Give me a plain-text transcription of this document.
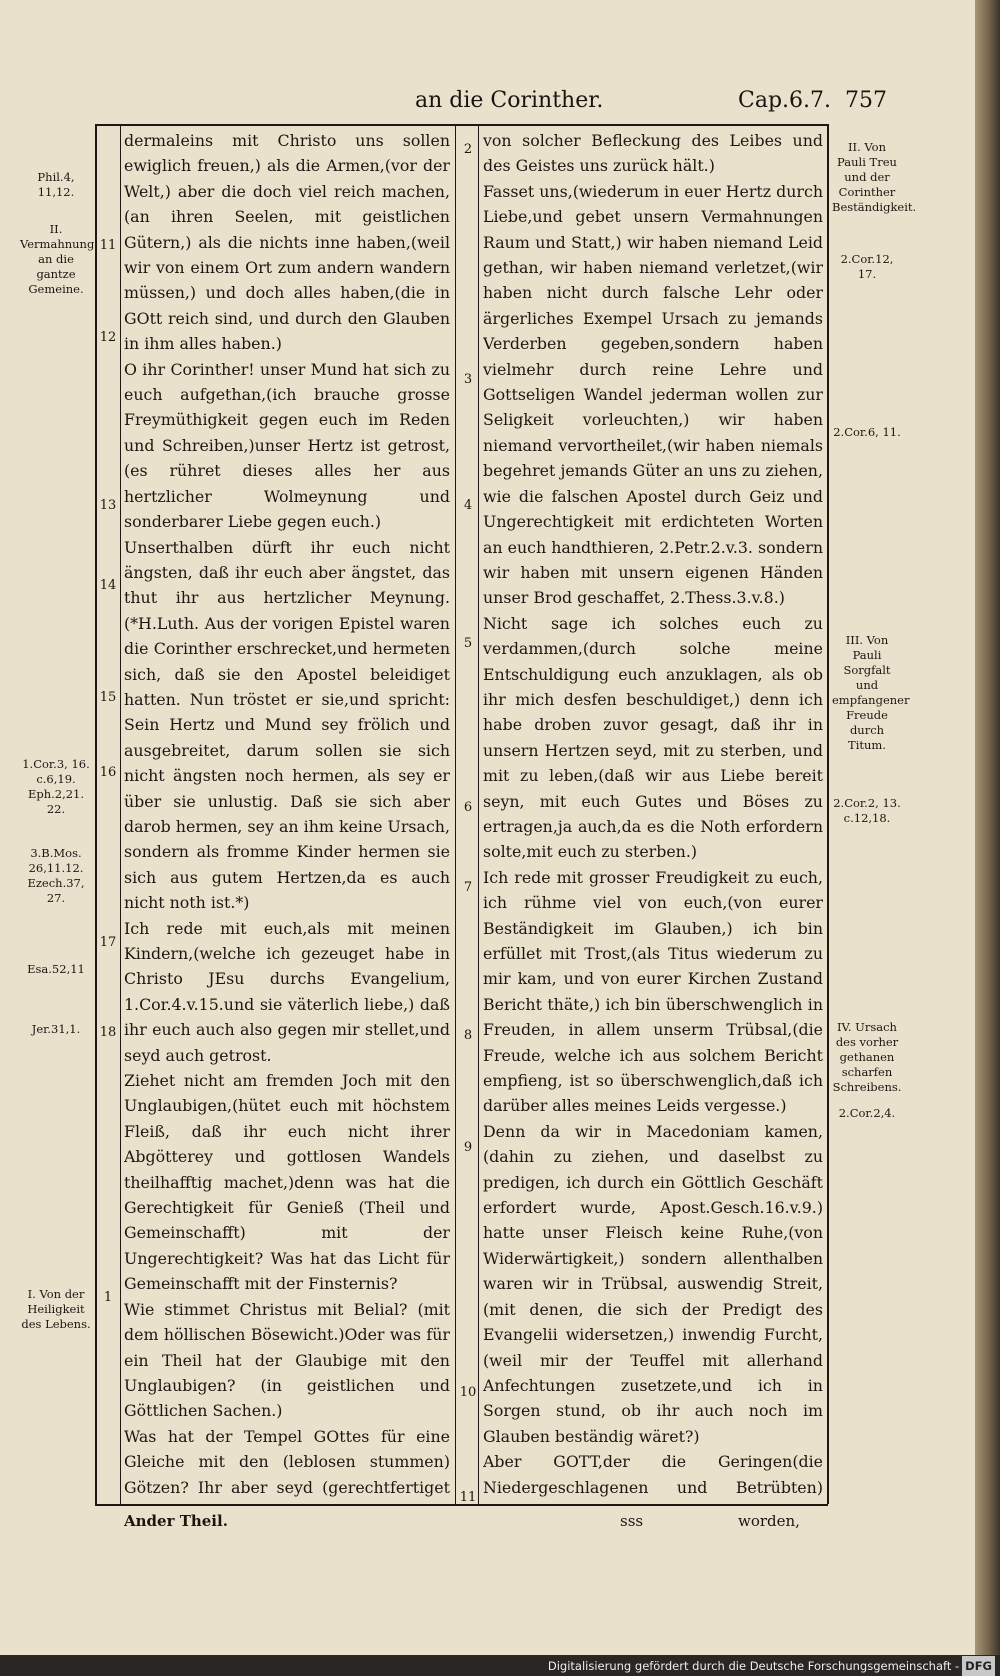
an die Corinther.	Cap.6.7. 757

dermaleins mit Christo uns sollen ewiglich freuen,) als die Armen,(vor der Welt,) aber die doch viel reich machen,(an ihren Seelen, mit geistlichen Gütern,) als die nichts inne haben,(weil wir von einem Ort zum andern wandern müssen,) und doch alles haben,(die in GOtt reich sind, und durch den Glauben in ihm alles haben.)

O ihr Corinther! unser Mund hat sich zu euch aufgethan,(ich brauche grosse Freymüthigkeit gegen euch im Reden und Schreiben,)unser Hertz ist getrost,(es rühret dieses alles her aus hertzlicher Wolmeynung und sonderbarer Liebe gegen euch.)

Unserthalben dürft ihr euch nicht ängsten, daß ihr euch aber ängstet, das thut ihr aus hertzlicher Meynung. (*H.Luth. Aus der vorigen Epistel waren die Corinther erschrecket,und hermeten sich, daß sie den Apostel beleidiget hatten. Nun tröstet er sie,und spricht: Sein Hertz und Mund sey frölich und ausgebreitet, darum sollen sie sich nicht ängsten noch hermen, als sey er über sie unlustig. Daß sie sich aber darob hermen, sey an ihm keine Ursach, sondern als fromme Kinder hermen sie sich aus gutem Hertzen,da es auch nicht noth ist.*)

Ich rede mit euch,als mit meinen Kindern,(welche ich gezeuget habe in Christo JEsu durchs Evangelium, 1.Cor.4.v.15.und sie väterlich liebe,) daß ihr euch auch also gegen mir stellet,und seyd auch getrost.

Ziehet nicht am fremden Joch mit den Unglaubigen,(hütet euch mit höchstem Fleiß, daß ihr euch nicht ihrer Abgötterey und gottlosen Wandels theilhafftig machet,)denn was hat die Gerechtigkeit für Genieß (Theil und Gemeinschafft) mit der Ungerechtigkeit? Was hat das Licht für Gemeinschafft mit der Finsternis?

Wie stimmet Christus mit Belial? (mit dem höllischen Bösewicht.)Oder was für ein Theil hat der Glaubige mit den Unglaubigen? (in geistlichen und Göttlichen Sachen.)

Was hat der Tempel GOttes für eine Gleiche mit den (leblosen stummen) Götzen? Ihr aber seyd (gerechtfertiget

von solcher Befleckung des Leibes und des Geistes uns zurück hält.)

Fasset uns,(wiederum in euer Hertz durch Liebe,und gebet unsern Vermahnungen Raum und Statt,) wir haben niemand Leid gethan, wir haben niemand verletzet,(wir haben nicht durch falsche Lehr oder ärgerliches Exempel Ursach zu jemands Verderben gegeben,sondern haben vielmehr durch reine Lehre und Gottseligen Wandel jederman wollen zur Seligkeit vorleuchten,) wir haben niemand vervortheilet,(wir haben niemals begehret jemands Güter an uns zu ziehen, wie die falschen Apostel durch Geiz und Ungerechtigkeit mit erdichteten Worten an euch handthieren, 2.Petr.2.v.3. sondern wir haben mit unsern eigenen Händen unser Brod geschaffet, 2.Thess.3.v.8.)

Nicht sage ich solches euch zu verdammen,(durch solche meine Entschuldigung euch anzuklagen, als ob ihr mich desfen beschuldiget,) denn ich habe droben zuvor gesagt, daß ihr in unsern Hertzen seyd, mit zu sterben, und mit zu leben,(daß wir aus Liebe bereit seyn, mit euch Gutes und Böses zu ertragen,ja auch,da es die Noth erfordern solte,mit euch zu sterben.)

Ich rede mit grosser Freudigkeit zu euch, ich rühme viel von euch,(von eurer Beständigkeit im Glauben,) ich bin erfüllet mit Trost,(als Titus wiederum zu mir kam, und von eurer Kirchen Zustand Bericht thäte,) ich bin überschwenglich in Freuden, in allem unserm Trübsal,(die Freude, welche ich aus solchem Bericht empfieng, ist so überschwenglich,daß ich darüber alles meines Leids vergesse.)

Denn da wir in Macedoniam kamen,(dahin zu ziehen, und daselbst zu predigen, ich durch ein Göttlich Geschäft erfordert wurde, Apost.Gesch.16.v.9.) hatte unser Fleisch keine Ruhe,(von Widerwärtigkeit,) sondern allenthalben waren wir in Trübsal, auswendig Streit,(mit denen, die sich der Predigt des Evangelii widersetzen,) inwendig Furcht,(weil mir der Teuffel mit allerhand Anfechtungen zusetzete,und ich in Sorgen stund, ob ihr auch noch im Glauben beständig wäret?)

Aber GOTT,der die Geringen(die Niedergeschlagenen und Betrübten)

11
12
13
14
15
16
17
18
1
2
3
4
5
6
7
8
9
10
11
Phil.4, 11,12.
II. Vermahnung an die gantze Gemeine.
1.Cor.3, 16. c.6,19. Eph.2,21. 22.
3.B.Mos. 26,11.12. Ezech.37, 27.
Esa.52,11
Jer.31,1.
I. Von der Heiligkeit des Lebens.
II. Von Pauli Treu und der Corinther Beständigkeit.
2.Cor.12, 17.
2.Cor.6, 11.
III. Von Pauli Sorgfalt und empfangener Freude durch Titum.
2.Cor.2, 13. c.12,18.
IV. Ursach des vorher gethanen scharfen Schreibens.
2.Cor.2,4.
Ander Theil.	sss	worden,
Digitalisierung gefördert durch die Deutsche Forschungsgemeinschaft - DFG
